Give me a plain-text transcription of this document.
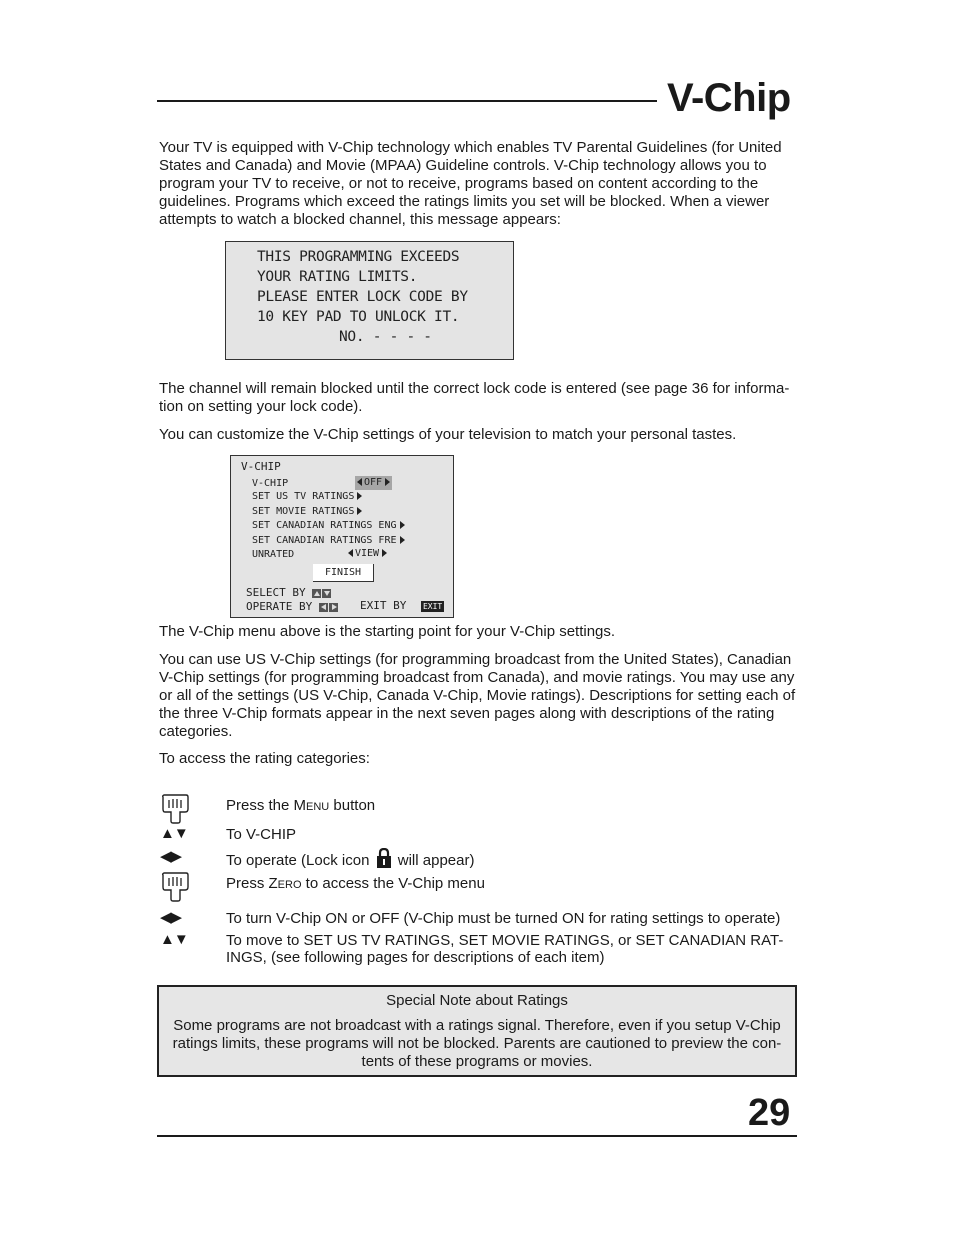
V-Chip
Your TV is equipped with V-Chip technology which enables TV Parental Guidelines (for United States and Canada) and Movie (MPAA) Guideline controls. V-Chip technology allows you to program your TV to receive, or not to receive, programs based on content according to the guidelines. Programs which exceed the ratings limits you set will be blocked. When a viewer attempts to watch a blocked channel, this message appears:
THIS PROGRAMMING EXCEEDS
YOUR RATING LIMITS.
PLEASE ENTER LOCK CODE BY
10 KEY PAD TO UNLOCK IT.
NO. - - - -
The channel will remain blocked until the correct lock code is entered (see page 36 for informa-tion on setting your lock code).
You can customize the V-Chip settings of your television to match your personal tastes.
V-CHIP
V-CHIP	OFF
SET US TV RATINGS
SET MOVIE RATINGS
SET CANADIAN RATINGS ENG
SET CANADIAN RATINGS FRE
UNRATED	VIEW
FINISH
SELECT BY
OPERATE BY	EXIT BY EXIT
The V-Chip menu above is the starting point for your V-Chip settings.
You can use US V-Chip settings (for programming broadcast from the United States), Canadian V-Chip settings (for programming broadcast from Canada), and movie ratings. You may use any or all of the settings (US V-Chip, Canada V-Chip, Movie ratings). Descriptions for setting each of the three V-Chip formats appear in the next seven pages along with descriptions of the rating categories.
To access the rating categories:
Press the Menu button
▲▼	To V-CHIP
◀▶	To operate (Lock icon  will appear)
Press Zero to access the V-Chip menu
◀▶	To turn V-Chip ON or OFF (V-Chip must be turned ON for rating settings to operate)
▲▼	To move to SET US TV RATINGS, SET MOVIE RATINGS, or SET CANADIAN RAT-INGS, (see following pages for descriptions of each item)
Special Note about Ratings
Some programs are not broadcast with a ratings signal. Therefore, even if you setup V-Chip ratings limits, these programs will not be blocked. Parents are cautioned to preview the con-tents of these programs or movies.
29
